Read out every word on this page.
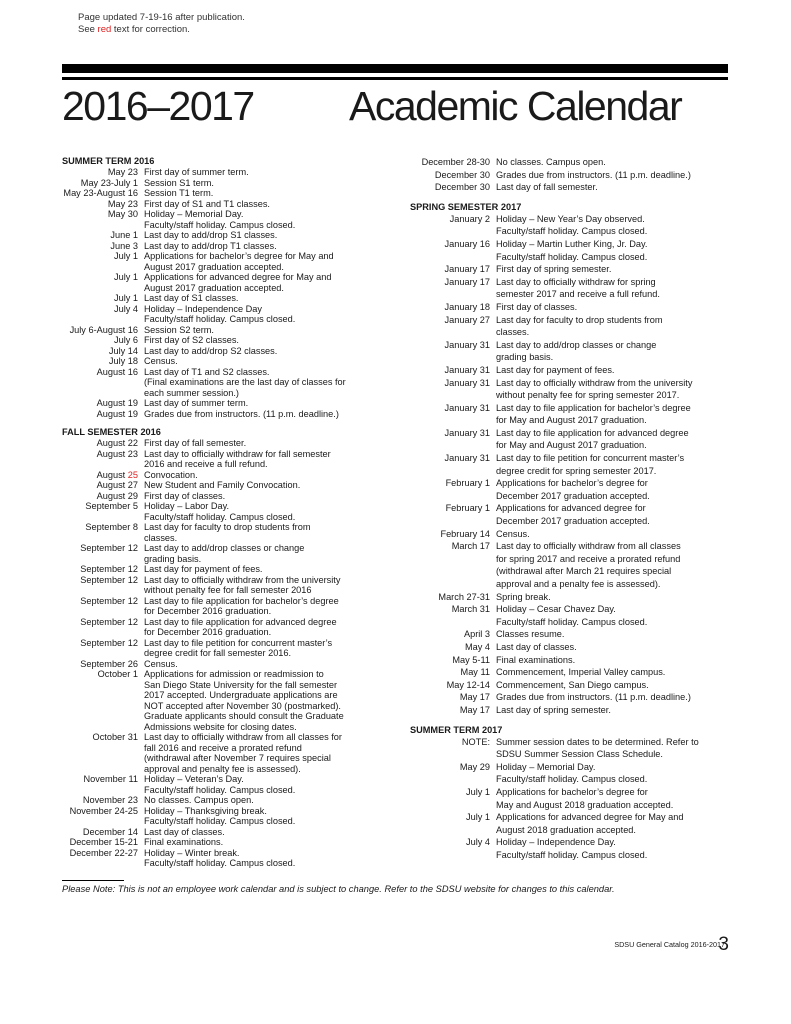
Page updated 7-19-16 after publication.
See red text for correction.
2016–2017 Academic Calendar
SUMMER TERM 2016
May 23 First day of summer term.
May 23-July 1 Session S1 term.
May 23-August 16 Session T1 term.
May 23 First day of S1 and T1 classes.
May 30 Holiday – Memorial Day.
Faculty/staff holiday. Campus closed.
June 1 Last day to add/drop S1 classes.
June 3 Last day to add/drop T1 classes.
July 1 Applications for bachelor’s degree for May and
August 2017 graduation accepted.
July 1 Applications for advanced degree for May and
August 2017 graduation accepted.
July 1 Last day of S1 classes.
July 4 Holiday – Independence Day
Faculty/staff holiday. Campus closed.
July 6-August 16 Session S2 term.
July 6 First day of S2 classes.
July 14 Last day to add/drop S2 classes.
July 18 Census.
August 16 Last day of T1 and S2 classes.
(Final examinations are the last day of classes for
each summer session.)
August 19 Last day of summer term.
August 19 Grades due from instructors. (11 p.m. deadline.)
FALL SEMESTER 2016
August 22 First day of fall semester.
August 23 Last day to officially withdraw for fall semester
2016 and receive a full refund.
August 25 Convocation.
August 27 New Student and Family Convocation.
August 29 First day of classes.
September 5 Holiday – Labor Day.
Faculty/staff holiday. Campus closed.
September 8 Last day for faculty to drop students from
classes.
September 12 Last day to add/drop classes or change
grading basis.
September 12 Last day for payment of fees.
September 12 Last day to officially withdraw from the university
without penalty fee for fall semester 2016
September 12 Last day to file application for bachelor’s degree
for December 2016 graduation.
September 12 Last day to file application for advanced degree
for December 2016 graduation.
September 12 Last day to file petition for concurrent master’s
degree credit for fall semester 2016.
September 26 Census.
October 1 Applications for admission or readmission to
San Diego State University for the fall semester
2017 accepted. Undergraduate applications are
NOT accepted after November 30 (postmarked).
Graduate applicants should consult the Graduate
Admissions website for closing dates.
October 31 Last day to officially withdraw from all classes for
fall 2016 and receive a prorated refund
(withdrawal after November 7 requires special
approval and penalty fee is assessed).
November 11 Holiday – Veteran’s Day.
Faculty/staff holiday. Campus closed.
November 23 No classes. Campus open.
November 24-25 Holiday – Thanksgiving break.
Faculty/staff holiday. Campus closed.
December 14 Last day of classes.
December 15-21 Final examinations.
December 22-27 Holiday – Winter break.
Faculty/staff holiday. Campus closed.
December 28-30 No classes. Campus open.
December 30 Grades due from instructors. (11 p.m. deadline.)
December 30 Last day of fall semester.
SPRING SEMESTER 2017
January 2 Holiday – New Year’s Day observed.
Faculty/staff holiday. Campus closed.
January 16 Holiday – Martin Luther King, Jr. Day.
Faculty/staff holiday. Campus closed.
January 17 First day of spring semester.
January 17 Last day to officially withdraw for spring
semester 2017 and receive a full refund.
January 18 First day of classes.
January 27 Last day for faculty to drop students from
classes.
January 31 Last day to add/drop classes or change
grading basis.
January 31 Last day for payment of fees.
January 31 Last day to officially withdraw from the university
without penalty fee for spring semester 2017.
January 31 Last day to file application for bachelor’s degree
for May and August 2017 graduation.
January 31 Last day to file application for advanced degree
for May and August 2017 graduation.
January 31 Last day to file petition for concurrent master’s
degree credit for spring semester 2017.
February 1 Applications for bachelor’s degree for
December 2017 graduation accepted.
February 1 Applications for advanced degree for
December 2017 graduation accepted.
February 14 Census.
March 17 Last day to officially withdraw from all classes
for spring 2017 and receive a prorated refund
(withdrawal after March 21 requires special
approval and a penalty fee is assessed).
March 27-31 Spring break.
March 31 Holiday – Cesar Chavez Day.
Faculty/staff holiday. Campus closed.
April 3 Classes resume.
May 4 Last day of classes.
May 5-11 Final examinations.
May 11 Commencement, Imperial Valley campus.
May 12-14 Commencement, San Diego campus.
May 17 Grades due from instructors. (11 p.m. deadline.)
May 17 Last day of spring semester.
SUMMER TERM 2017
NOTE: Summer session dates to be determined. Refer to
SDSU Summer Session Class Schedule.
May 29 Holiday – Memorial Day.
Faculty/staff holiday. Campus closed.
July 1 Applications for bachelor’s degree for
May and August 2018 graduation accepted.
July 1 Applications for advanced degree for May and
August 2018 graduation accepted.
July 4 Holiday – Independence Day.
Faculty/staff holiday. Campus closed.
Please Note: This is not an employee work calendar and is subject to change. Refer to the SDSU website for changes to this calendar.
SDSU General Catalog 2016-2017
3
